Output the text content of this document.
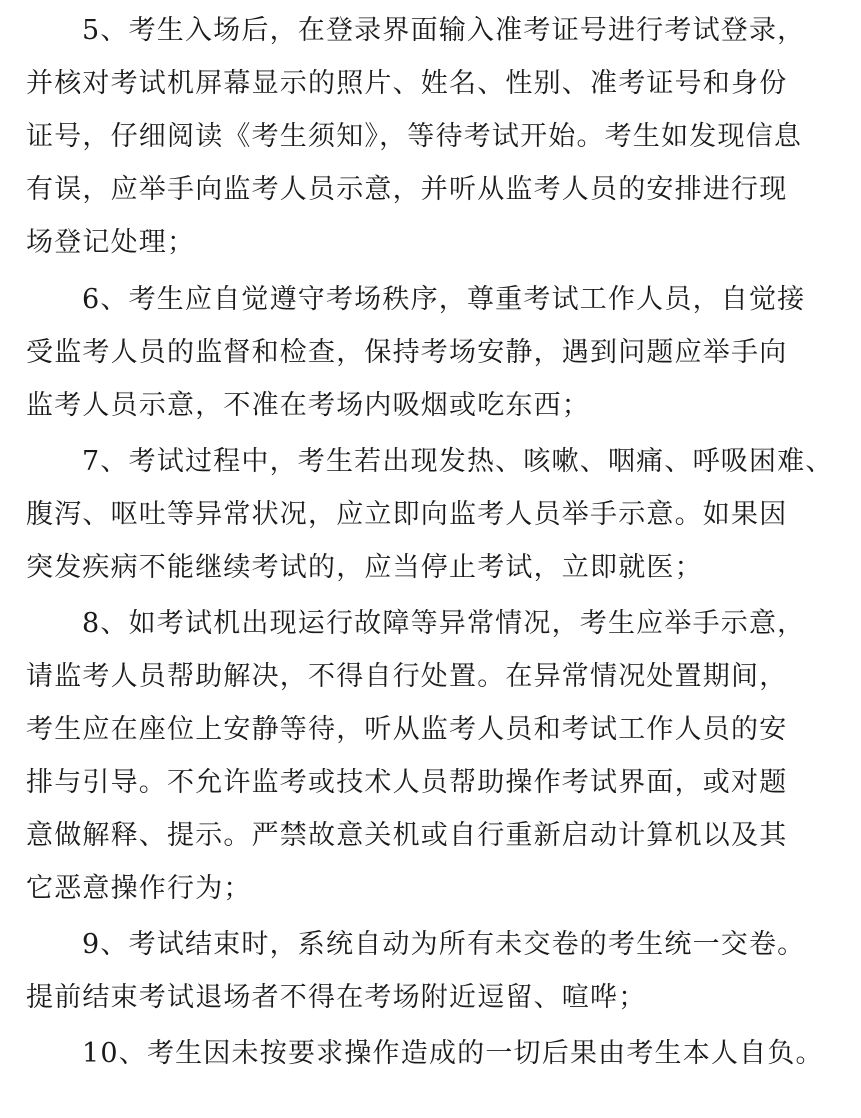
5、考生入场后，在登录界面输入准考证号进行考试登录，
并核对考试机屏幕显示的照片、姓名、性别、准考证号和身份
证号，仔细阅读《考生须知》，等待考试开始。考生如发现信息
有误，应举手向监考人员示意，并听从监考人员的安排进行现
场登记处理；
6、考生应自觉遵守考场秩序，尊重考试工作人员，自觉接
受监考人员的监督和检查，保持考场安静，遇到问题应举手向
监考人员示意，不准在考场内吸烟或吃东西；
7、考试过程中，考生若出现发热、咳嗽、咽痛、呼吸困难、
腹泻、呕吐等异常状况，应立即向监考人员举手示意。如果因
突发疾病不能继续考试的，应当停止考试，立即就医；
8、如考试机出现运行故障等异常情况，考生应举手示意，
请监考人员帮助解决，不得自行处置。在异常情况处置期间，
考生应在座位上安静等待，听从监考人员和考试工作人员的安
排与引导。不允许监考或技术人员帮助操作考试界面，或对题
意做解释、提示。严禁故意关机或自行重新启动计算机以及其
它恶意操作行为；
9、考试结束时，系统自动为所有未交卷的考生统一交卷。
提前结束考试退场者不得在考场附近逗留、喧哗；
10、考生因未按要求操作造成的一切后果由考生本人自负。
